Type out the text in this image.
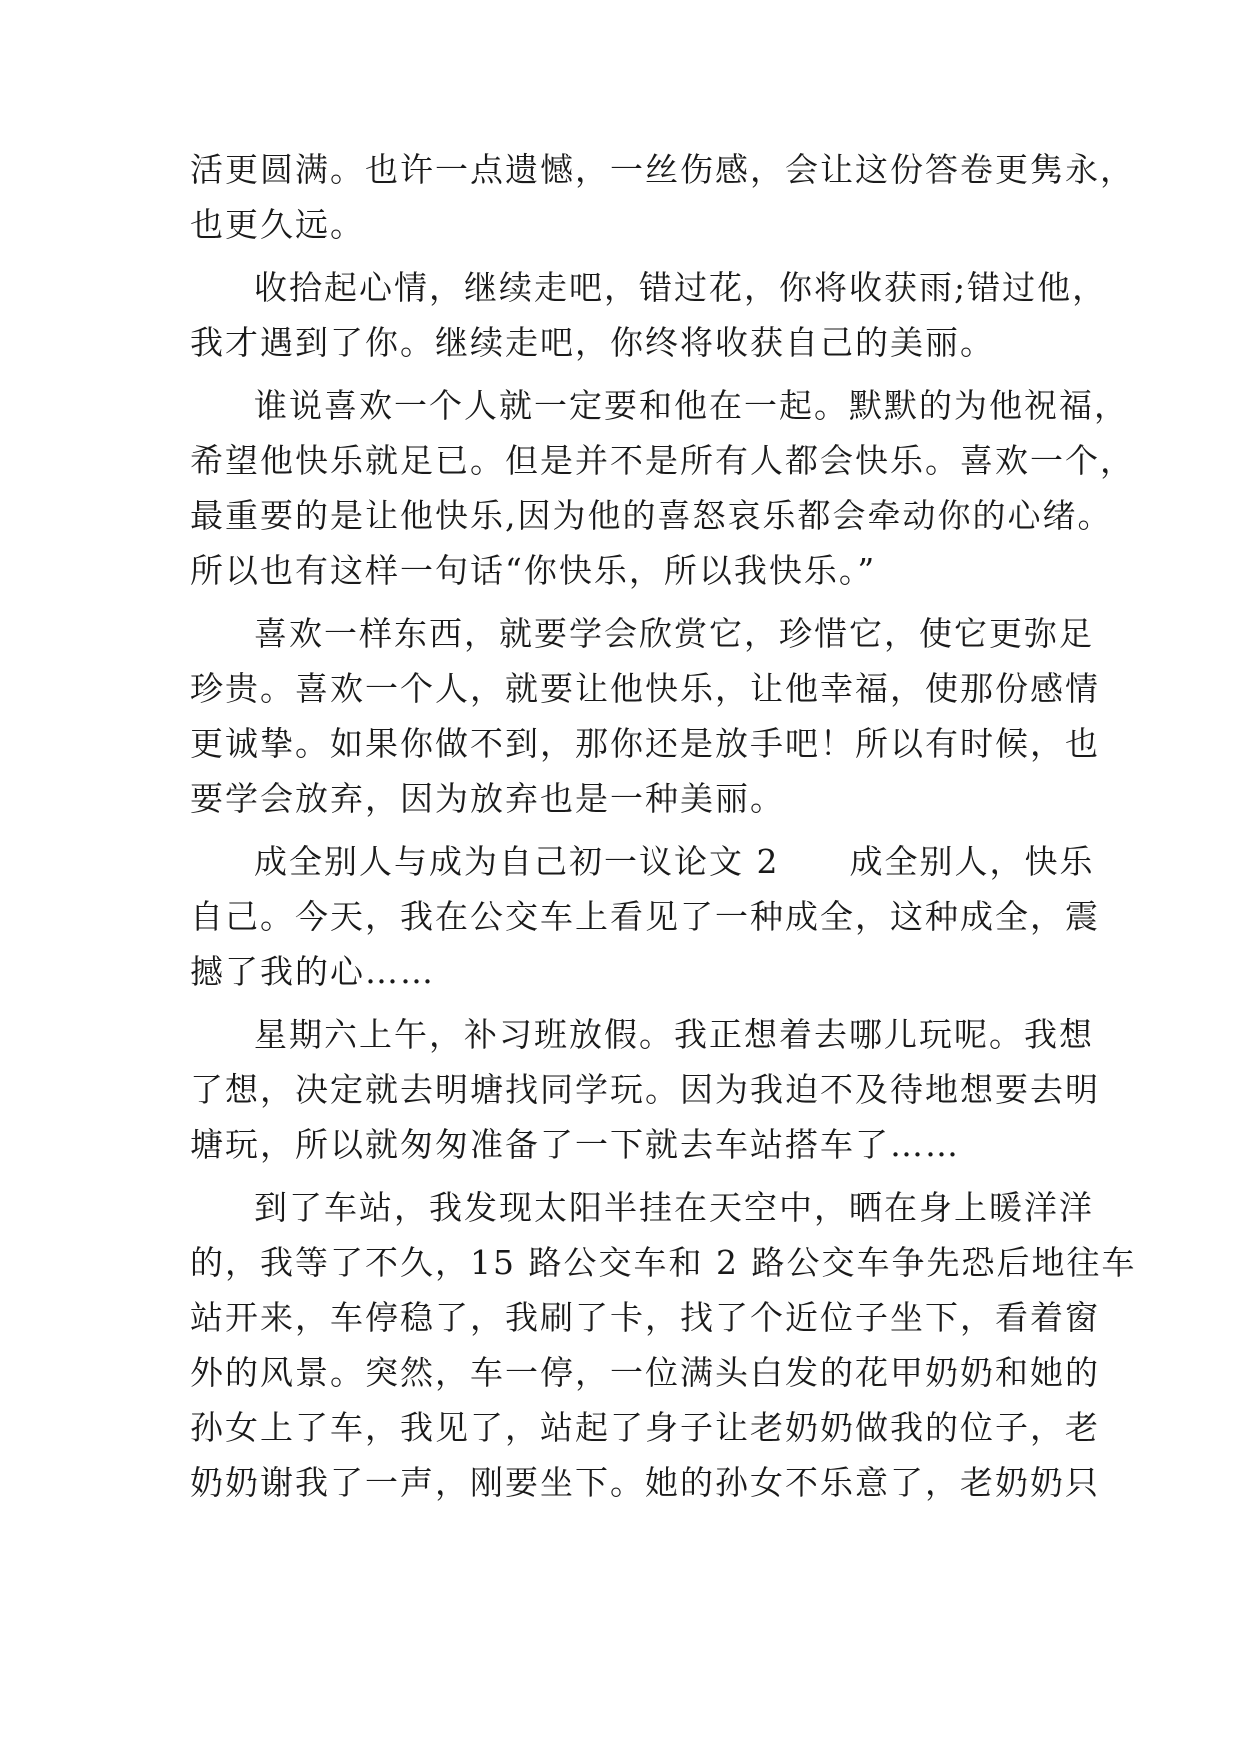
活更圆满。也许一点遗憾，一丝伤感，会让这份答卷更隽永，
也更久远。
收拾起心情，继续走吧，错过花，你将收获雨;错过他，
我才遇到了你。继续走吧，你终将收获自己的美丽。
谁说喜欢一个人就一定要和他在一起。默默的为他祝福，
希望他快乐就足已。但是并不是所有人都会快乐。喜欢一个，
最重要的是让他快乐,因为他的喜怒哀乐都会牵动你的心绪。
所以也有这样一句话“你快乐，所以我快乐。”
喜欢一样东西，就要学会欣赏它，珍惜它，使它更弥足
珍贵。喜欢一个人，就要让他快乐，让他幸福，使那份感情
更诚挚。如果你做不到，那你还是放手吧！所以有时候，也
要学会放弃，因为放弃也是一种美丽。
成全别人与成为自己初一议论文 2　　成全别人，快乐
自己。今天，我在公交车上看见了一种成全，这种成全，震
撼了我的心……
星期六上午，补习班放假。我正想着去哪儿玩呢。我想
了想，决定就去明塘找同学玩。因为我迫不及待地想要去明
塘玩，所以就匆匆准备了一下就去车站搭车了……
到了车站，我发现太阳半挂在天空中，晒在身上暖洋洋
的，我等了不久，15 路公交车和 2 路公交车争先恐后地往车
站开来，车停稳了，我刷了卡，找了个近位子坐下，看着窗
外的风景。突然，车一停，一位满头白发的花甲奶奶和她的
孙女上了车，我见了，站起了身子让老奶奶做我的位子，老
奶奶谢我了一声，刚要坐下。她的孙女不乐意了，老奶奶只
